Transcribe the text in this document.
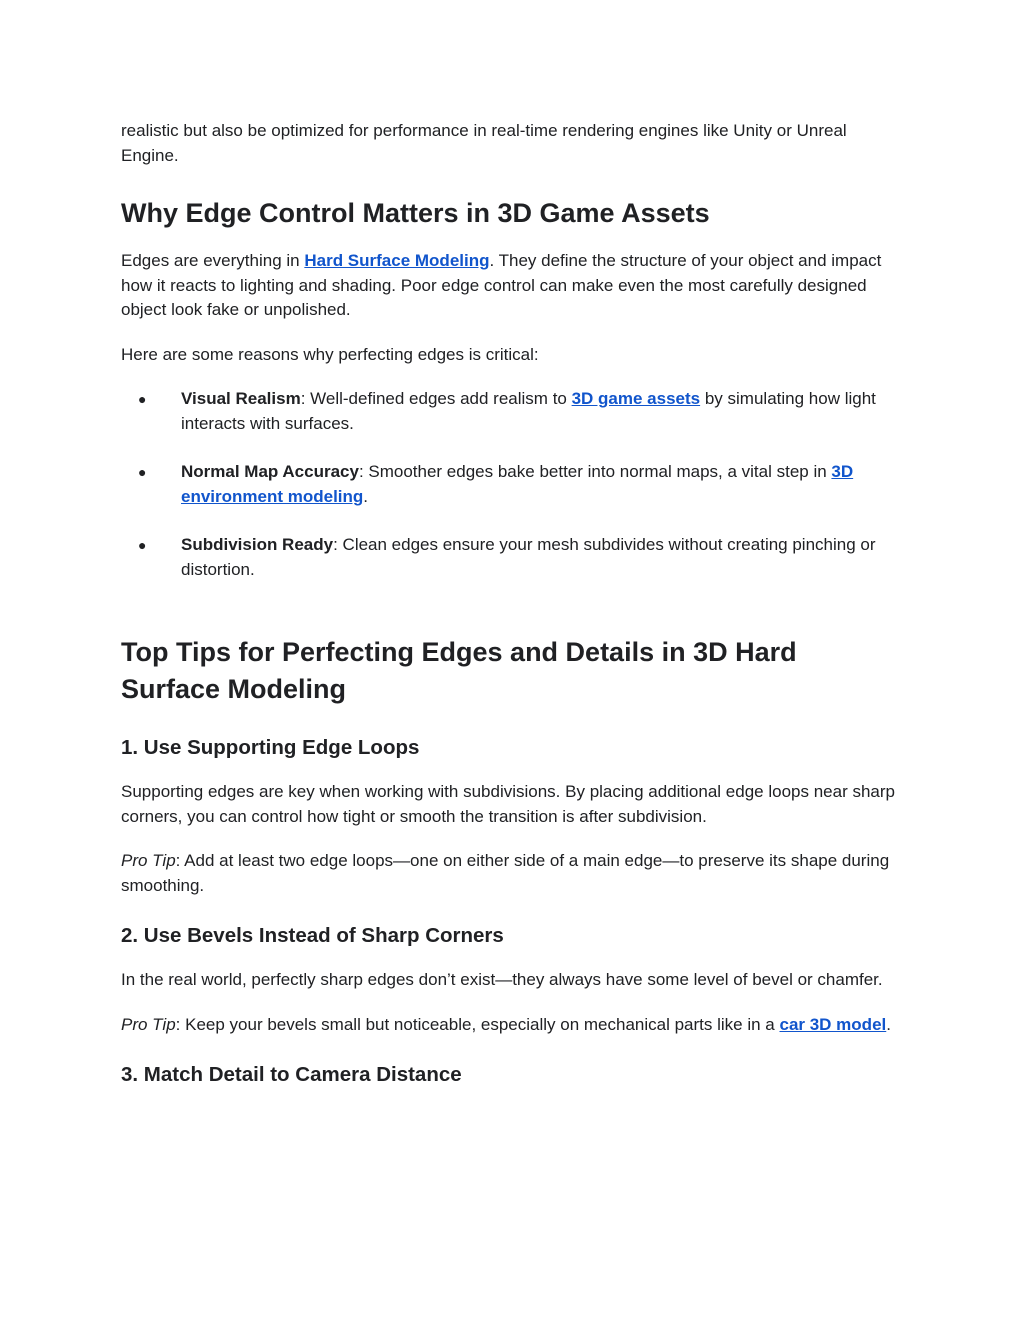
realistic but also be optimized for performance in real-time rendering engines like Unity or Unreal Engine.

Why Edge Control Matters in 3D Game Assets

Edges are everything in Hard Surface Modeling. They define the structure of your object and impact how it reacts to lighting and shading. Poor edge control can make even the most carefully designed object look fake or unpolished.

Here are some reasons why perfecting edges is critical:

● Visual Realism: Well-defined edges add realism to 3D game assets by simulating how light interacts with surfaces.
● Normal Map Accuracy: Smoother edges bake better into normal maps, a vital step in 3D environment modeling.
● Subdivision Ready: Clean edges ensure your mesh subdivides without creating pinching or distortion.
Top Tips for Perfecting Edges and Details in 3D Hard Surface Modeling
1. Use Supporting Edge Loops

Supporting edges are key when working with subdivisions. By placing additional edge loops near sharp corners, you can control how tight or smooth the transition is after subdivision.

Pro Tip: Add at least two edge loops—one on either side of a main edge—to preserve its shape during smoothing.

2. Use Bevels Instead of Sharp Corners

In the real world, perfectly sharp edges don’t exist—they always have some level of bevel or chamfer.

Pro Tip: Keep your bevels small but noticeable, especially on mechanical parts like in a car 3D model.

3. Match Detail to Camera Distance
